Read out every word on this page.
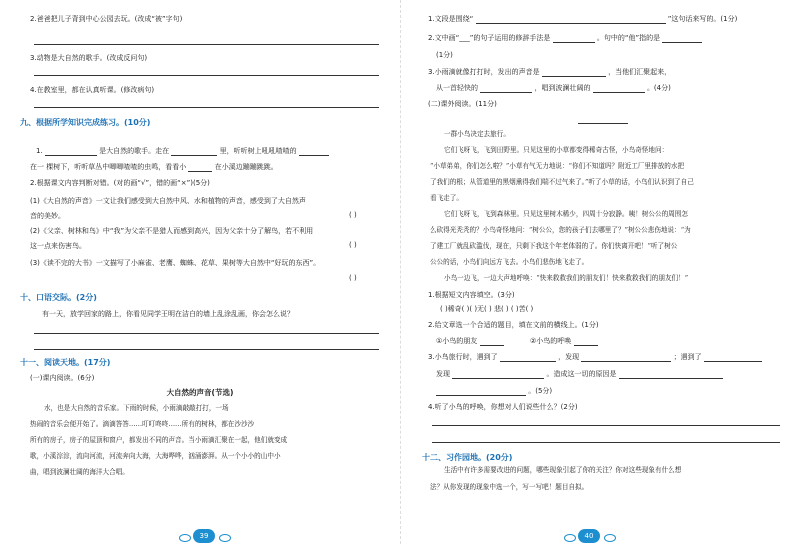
2.爸爸把儿子背到中心公园去玩。(改成“被”字句)
3.动物是大自然的歌手。(改成反问句)
4.在教室里，都在认真听课。(修改病句)
九、根据所学知识完成练习。(10分)
1.	是大自然的歌手。走在	里，听听树上吼吼喳喳的
在一 棵树下，听听草丛中唧唧喳喳的虫鸣，看看小	在小溪边蹦蹦跳跳。
2.根据课文内容判断对错。(对的画“√”，错的画“×”)(5分)
(1)《大自然的声音》一文让我们感受到大自然中风、水和植物的声音，感受到了大自然声
音的美妙。	( )
(2)《父亲、树林和鸟》中“我”为父亲不是猎人而感到高兴，因为父亲十分了解鸟，若不利用
这一点来伤害鸟。	( )
(3)《读不完的大书》一文描写了小麻雀、老鹰、蜘蛛、花草、果树等大自然中“好玩的东西”。
( )
十、口语交际。(2分)
有一天，放学回家的路上，你看见同学王明在洁白的墙上乱涂乱画，你会怎么说？
十一、阅读天地。(17分)
(一)课内阅读。(6分)
大自然的声音(节选)

水，也是大自然的音乐家。下雨的时候，小雨滴敲敲打打，一场

热闹的音乐会便开始了。滴滴答答……叮叮咚咚……所有的树林，都在沙沙沙

所有的房子，房子的屋顶和窗户，都发出不同的声音。当小雨滴汇聚在一起，他们就变成

歌，小溪淙淙，流向河流，河流奔向大海，大海哗哗，汹涌澎湃。从一个小小的山中小

曲，唱到波澜壮阔的海洋大合唱。

39
1.文段是围绕“	”这句话来写的。(1分)
2.文中画“___”的句子运用的修辞手法是	。句中的“他”指的是
(1分)
3.小雨滴就像打打时，发出的声音是	，当他们汇聚起来，
从一首轻快的	，唱到波澜壮阔的	。(4分)
(二)课外阅读。(11分)

一群小鸟决定去旅行。

它们飞呀飞，飞到田野里。只见这里的小草都变得稀奇古怪，小鸟奇怪地问：

“小草弟弟，你们怎么啦？”小草有气无力地说：“你们不知道吗？附近工厂里排放的水把

了我们的根；从管道里的黑烟熏得我们喘不过气来了。”听了小草的话，小鸟们认识到了自己

看飞走了。

它们飞呀飞，飞到森林里。只见这里树木稀少，四周十分寂静。咦！树公公的周围怎

么砍得光秃秃的？小鸟奇怪地问：“树公公，您的孩子们去哪里了？”树公公悲伤地说：“为

了建工厂就乱砍滥伐，现在，只剩下我这个年老体弱的了。你们快离开吧！”听了树公

公公的话，小鸟们向远方飞去。小鸟们悲伤地飞走了。

小鸟一边飞，一边大声地呼唤：“快来救救我们的朋友们！快来救救我们的朋友们！”

1.根据短文内容填空。(3分)
( )稀奇( )( )无( ) 悲( ) ( )苦( )
2.给文章选一个合适的题目，填在文前的横线上。(1分)
①小鸟的朋友	②小鸟的呼唤
3.小鸟旅行时，遇到了	，发现	；遇到了
发现	。造成这一切的原因是
。(5分)
4.听了小鸟的呼唤，你想对人们说些什么？(2分)
十二、习作园地。(20分)

生活中有许多需要改进的问题，哪些现象引起了你的关注？你对这些现象有什么想

法？从你发现的现象中选一个，写一写吧！题目自拟。

40
